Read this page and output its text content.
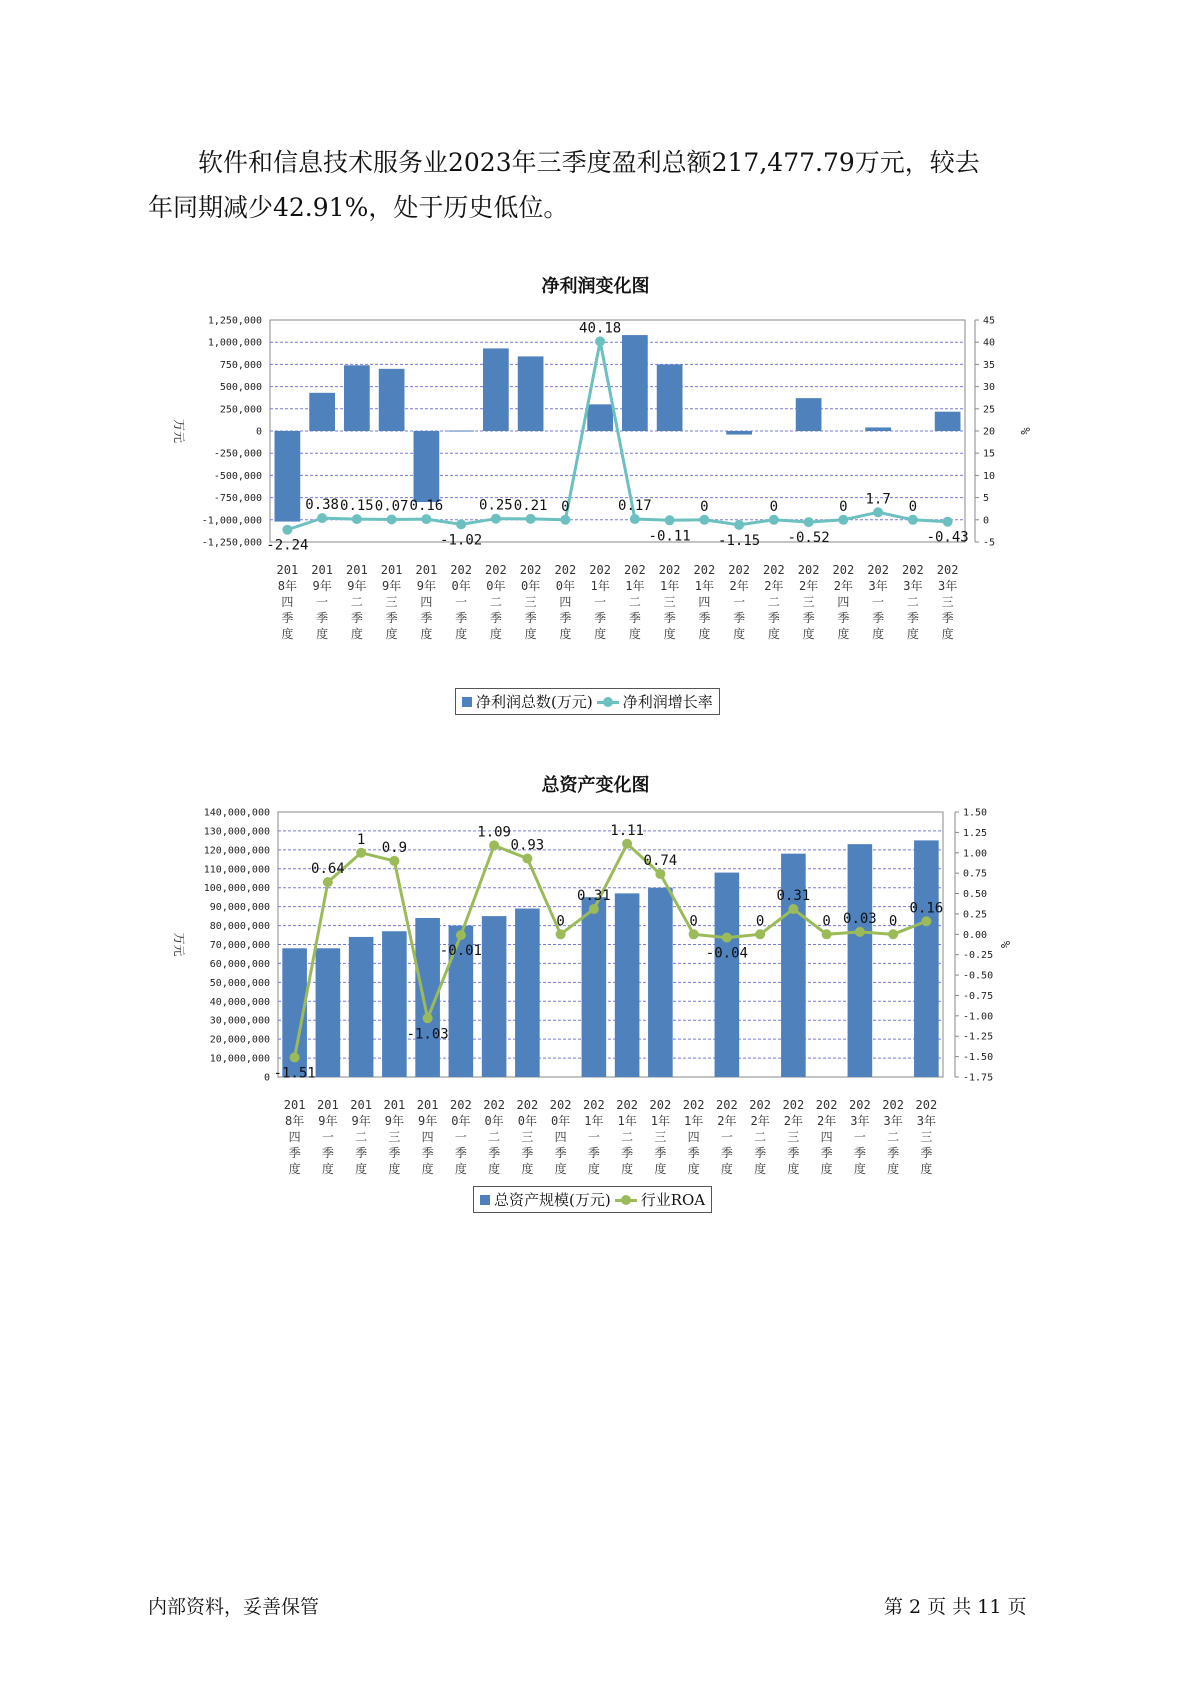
软件和信息技术服务业2023年三季度盈利总额217,477.79万元，较去

年同期减少42.91%，处于历史低位。

净利润变化图
1,250,000
1,000,000
750,000
500,000
250,000
0
-250,000
-500,000
-750,000
-1,000,000
-1,250,000
45
40
35
30
25
20
15
10
5
0
-5
万元	%
-2.24
0.38 0.15 0.07 0.16
-1.02
0.25 0.21 0
40.18
0.17
-0.11
0
-1.15
0
-0.52
0 1.7 0
-0.43
201 8年四季度
201 9年一季度
201 9年二季度
201 9年三季度
201 9年四季度
202 0年一季度
202 0年二季度
202 0年三季度
202 0年四季度
202 1年一季度
202 1年二季度
202 1年三季度
202 1年四季度
202 2年一季度
202 2年二季度
202 2年三季度
202 2年四季度
202 3年一季度
202 3年二季度
202 3年三季度
净利润总数(万元) 净利润增长率
总资产变化图
140,000,000
130,000,000
120,000,000
110,000,000
100,000,000
90,000,000
80,000,000
70,000,000
60,000,000
50,000,000
40,000,000
30,000,000
20,000,000
10,000,000
0
1.50
1.25
1.00
0.75
0.50
0.25
0.00
-0.25
-0.50
-0.75
-1.00
-1.25
-1.50
-1.75
万元	%
-1.51
0.64
1
0.9
-1.03
-0.01
1.09
0.93
0
0.31
1.11
0.74
0
-0.04
0
0.31
0 0.03 0
0.16
201 8年四季度
201 9年一季度
201 9年二季度
201 9年三季度
201 9年四季度
202 0年一季度
202 0年二季度
202 0年三季度
202 0年四季度
202 1年一季度
202 1年二季度
202 1年三季度
202 1年四季度
202 2年一季度
202 2年二季度
202 2年三季度
202 2年四季度
202 3年一季度
202 3年二季度
202 3年三季度
总资产规模(万元) 行业ROA
内部资料，妥善保管	第 2 页 共 11 页
